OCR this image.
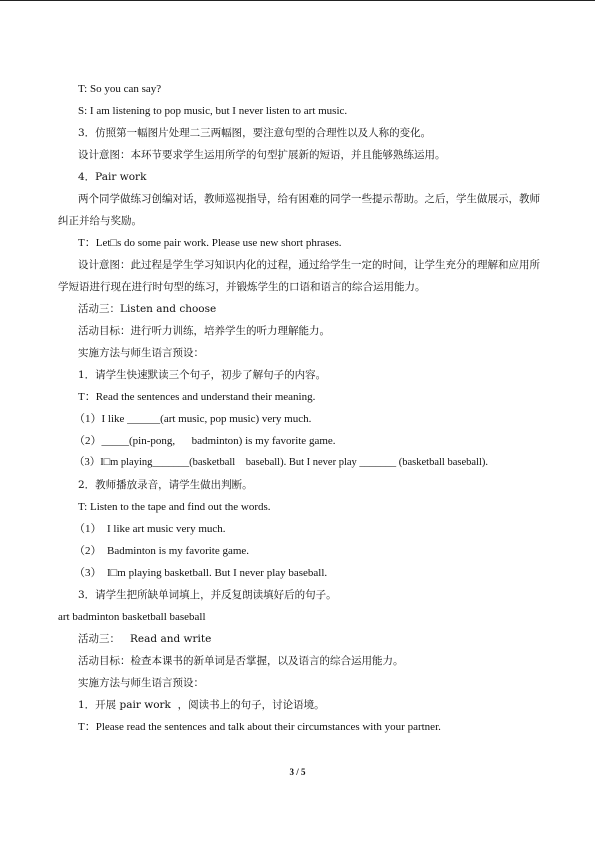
T: So you can say?
S: I am listening to pop music, but I never listen to art music.
3．仿照第一幅图片处理二三两幅图，要注意句型的合理性以及人称的变化。
设计意图：本环节要求学生运用所学的句型扩展新的短语，并且能够熟练运用。
4．Pair work
两个同学做练习创编对话，教师巡视指导，给有困难的同学一些提示帮助。之后，学生做展示，教师纠正并给与奖励。
T：Let□s do some pair work. Please use new short phrases.
设计意图：此过程是学生学习知识内化的过程，通过给学生一定的时间，让学生充分的理解和应用所学短语进行现在进行时句型的练习，并锻炼学生的口语和语言的综合运用能力。
活动三：Listen and choose
活动目标：进行听力训练，培养学生的听力理解能力。
实施方法与师生语言预设：
1．请学生快速默读三个句子，初步了解句子的内容。
T：Read the sentences and understand their meaning.
（1）I like ______(art music, pop music) very much.
（2）_____(pin-pong,      badminton) is my favorite game.
（3）I□m playing_______(basketball    baseball). But I never play _______ (basketball baseball).
2．教师播放录音，请学生做出判断。
T: Listen to the tape and find out the words.
（1）  I like art music very much.
（2）  Badminton is my favorite game.
（3）  I□m playing basketball. But I never play baseball.
3．请学生把所缺单词填上，并反复朗读填好后的句子。
art badminton basketball baseball
活动三：   Read and write
活动目标：检查本课书的新单词是否掌握，以及语言的综合运用能力。
实施方法与师生语言预设：
1．开展 pair work  ，阅读书上的句子，讨论语境。
T：Please read the sentences and talk about their circumstances with your partner.
3 / 5
